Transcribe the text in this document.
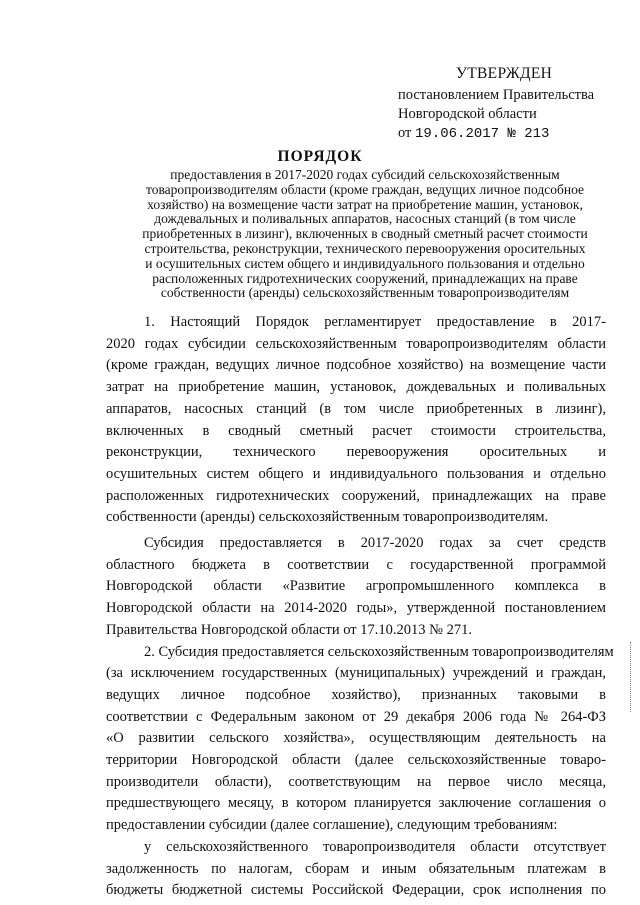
УТВЕРЖДЕН
постановлением Правительства
Новгородской области
от 19.06.2017 № 213
ПОРЯДОК
предоставления в 2017-2020 годах субсидий сельскохозяйственным
товаропроизводителям области (кроме граждан, ведущих личное подсобное
хозяйство) на возмещение части затрат на приобретение машин, установок,
дождевальных и поливальных аппаратов, насосных станций (в том числе
приобретенных в лизинг), включенных в сводный сметный расчет стоимости
строительства, реконструкции, технического перевооружения оросительных
и осушительных систем общего и индивидуального пользования и отдельно
расположенных гидротехнических сооружений, принадлежащих на праве
собственности (аренды) сельскохозяйственным товаропроизводителям
1. Настоящий Порядок регламентирует предоставление в 2017-
2020 годах субсидии сельскохозяйственным товаропроизводителям области
(кроме граждан, ведущих личное подсобное хозяйство) на возмещение части
затрат на приобретение машин, установок, дождевальных и поливальных
аппаратов, насосных станций (в том числе приобретенных в лизинг),
включенных в сводный сметный расчет стоимости строительства,
реконструкции, технического перевооружения оросительных и
осушительных систем общего и индивидуального пользования и отдельно
расположенных гидротехнических сооружений, принадлежащих на праве
собственности (аренды) сельскохозяйственным товаропроизводителям.
Субсидия предоставляется в 2017-2020 годах за счет средств
областного бюджета в соответствии с государственной программой
Новгородской области «Развитие агропромышленного комплекса в
Новгородской области на 2014-2020 годы», утвержденной постановлением
Правительства Новгородской области от 17.10.2013 № 271.
2. Субсидия предоставляется сельскохозяйственным товаропроизводителям
(за исключением государственных (муниципальных) учреждений и граждан,
ведущих личное подсобное хозяйство), признанных таковыми в
соответствии с Федеральным законом от 29 декабря 2006 года № 264-ФЗ
«О развитии сельского хозяйства», осуществляющим деятельность на
территории Новгородской области (далее сельскохозяйственные товаро-
производители области), соответствующим на первое число месяца,
предшествующего месяцу, в котором планируется заключение соглашения о
предоставлении субсидии (далее соглашение), следующим требованиям:
у сельскохозяйственного товаропроизводителя области отсутствует
задолженность по налогам, сборам и иным обязательным платежам в
бюджеты бюджетной системы Российской Федерации, срок исполнения по
